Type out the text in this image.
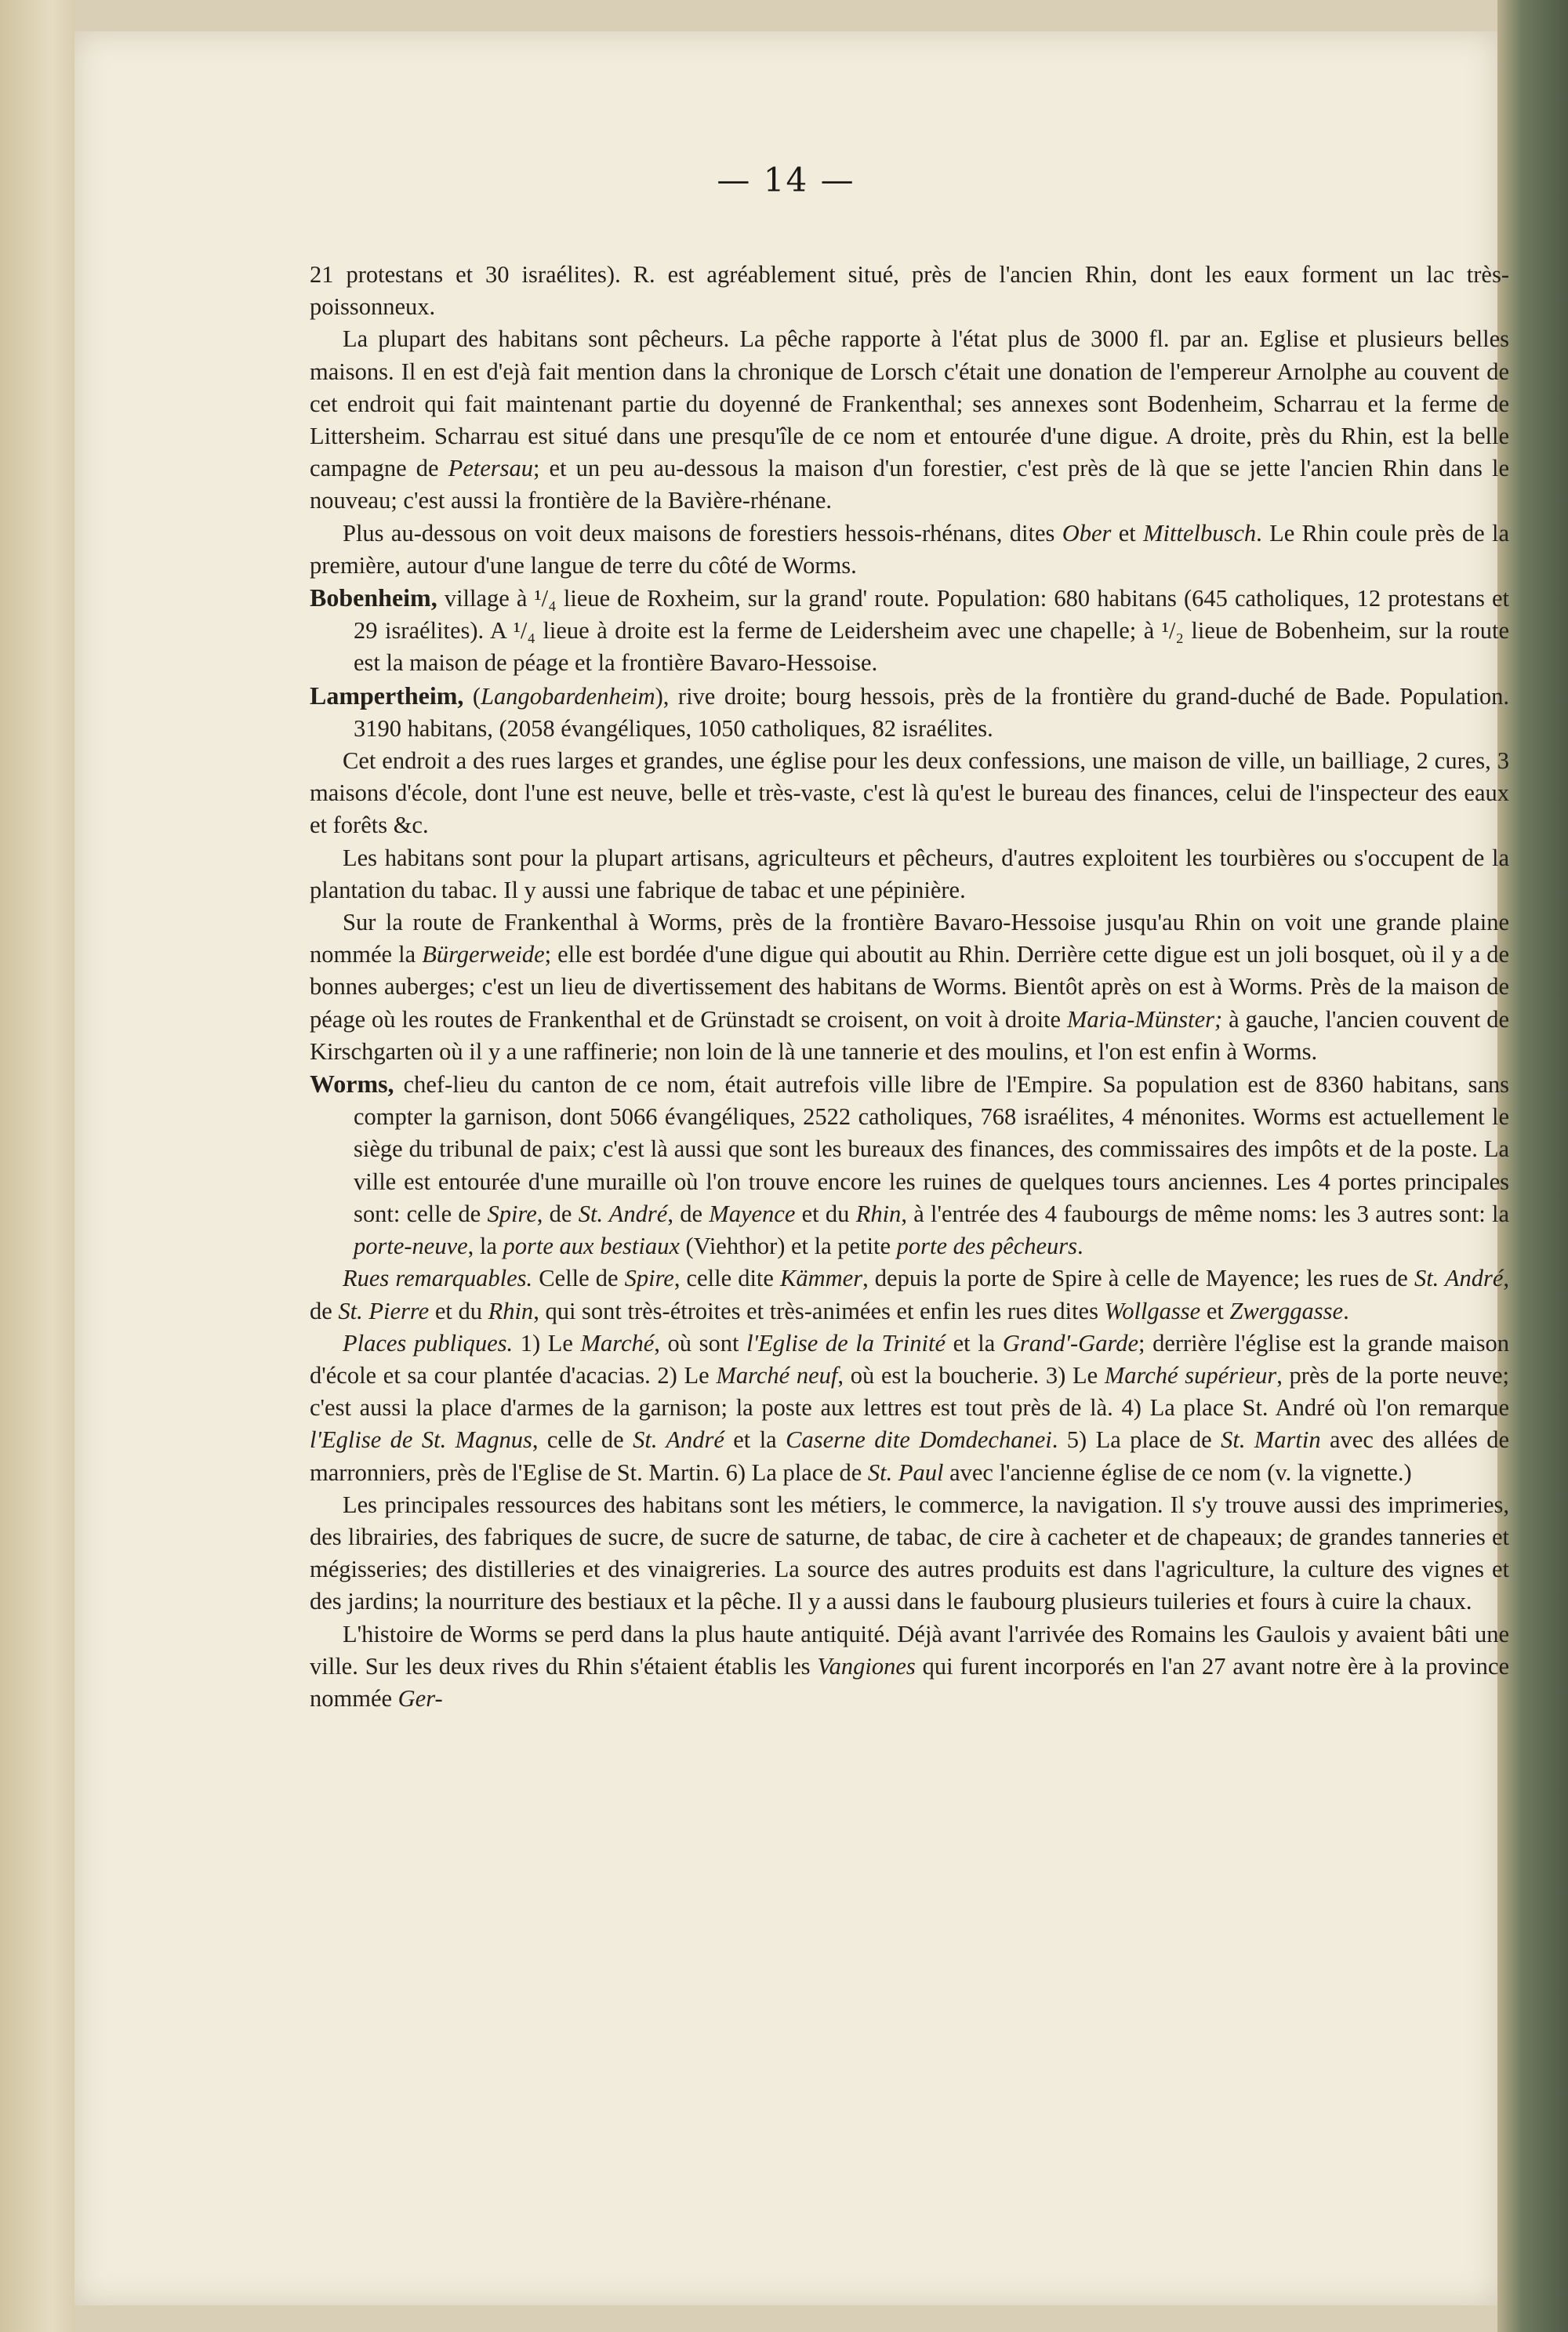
— 14 —

21 protestans et 30 israélites). R. est agréablement situé, près de l'ancien Rhin, dont les eaux forment un lac très-poissonneux.

La plupart des habitans sont pêcheurs. La pêche rapporte à l'état plus de 3000 fl. par an. Eglise et plusieurs belles maisons. Il en est d'ejà fait mention dans la chronique de Lorsch c'était une donation de l'empereur Arnolphe au couvent de cet endroit qui fait maintenant partie du doyenné de Frankenthal; ses annexes sont Bodenheim, Scharrau et la ferme de Littersheim. Scharrau est situé dans une presqu'île de ce nom et entourée d'une digue. A droite, près du Rhin, est la belle campagne de Petersau; et un peu au-dessous la maison d'un forestier, c'est près de là que se jette l'ancien Rhin dans le nouveau; c'est aussi la frontière de la Bavière-rhénane.

Plus au-dessous on voit deux maisons de forestiers hessois-rhénans, dites Ober et Mittelbusch. Le Rhin coule près de la première, autour d'une langue de terre du côté de Worms.

Bobenheim, village à ¹/₄ lieue de Roxheim, sur la grand' route. Population: 680 habitans (645 catholiques, 12 protestans et 29 israélites). A ¹/₄ lieue à droite est la ferme de Leidersheim avec une chapelle; à ¹/₂ lieue de Bobenheim, sur la route est la maison de péage et la frontière Bavaro-Hessoise.

Lampertheim, (Langobardenheim), rive droite; bourg hessois, près de la frontière du grand-duché de Bade. Population. 3190 habitans, (2058 évangéliques, 1050 catholiques, 82 israélites.

Cet endroit a des rues larges et grandes, une église pour les deux confessions, une maison de ville, un bailliage, 2 cures, 3 maisons d'école, dont l'une est neuve, belle et très-vaste, c'est là qu'est le bureau des finances, celui de l'inspecteur des eaux et forêts &c.

Les habitans sont pour la plupart artisans, agriculteurs et pêcheurs, d'autres exploitent les tourbières ou s'occupent de la plantation du tabac. Il y aussi une fabrique de tabac et une pépinière.

Sur la route de Frankenthal à Worms, près de la frontière Bavaro-Hessoise jusqu'au Rhin on voit une grande plaine nommée la Bürgerweide; elle est bordée d'une digue qui aboutit au Rhin. Derrière cette digue est un joli bosquet, où il y a de bonnes auberges; c'est un lieu de divertissement des habitans de Worms. Bientôt après on est à Worms. Près de la maison de péage où les routes de Frankenthal et de Grünstadt se croisent, on voit à droite Maria-Münster; à gauche, l'ancien couvent de Kirschgarten où il y a une raffinerie; non loin de là une tannerie et des moulins, et l'on est enfin à Worms.

Worms, chef-lieu du canton de ce nom, était autrefois ville libre de l'Empire. Sa population est de 8360 habitans, sans compter la garnison, dont 5066 évangéliques, 2522 catholiques, 768 israélites, 4 ménonites. Worms est actuellement le siège du tribunal de paix; c'est là aussi que sont les bureaux des finances, des commissaires des impôts et de la poste. La ville est entourée d'une muraille où l'on trouve encore les ruines de quelques tours anciennes. Les 4 portes principales sont: celle de Spire, de St. André, de Mayence et du Rhin, à l'entrée des 4 faubourgs de même noms: les 3 autres sont: la porte-neuve, la porte aux bestiaux (Viehthor) et la petite porte des pêcheurs.

Rues remarquables. Celle de Spire, celle dite Kämmer, depuis la porte de Spire à celle de Mayence; les rues de St. André, de St. Pierre et du Rhin, qui sont très-étroites et très-animées et enfin les rues dites Wollgasse et Zwerggasse.

Places publiques. 1) Le Marché, où sont l'Eglise de la Trinité et la Grand'-Garde; derrière l'église est la grande maison d'école et sa cour plantée d'acacias. 2) Le Marché neuf, où est la boucherie. 3) Le Marché supérieur, près de la porte neuve; c'est aussi la place d'armes de la garnison; la poste aux lettres est tout près de là. 4) La place St. André où l'on remarque l'Eglise de St. Magnus, celle de St. André et la Caserne dite Domdechanei. 5) La place de St. Martin avec des allées de marronniers, près de l'Eglise de St. Martin. 6) La place de St. Paul avec l'ancienne église de ce nom (v. la vignette.)

Les principales ressources des habitans sont les métiers, le commerce, la navigation. Il s'y trouve aussi des imprimeries, des librairies, des fabriques de sucre, de sucre de saturne, de tabac, de cire à cacheter et de chapeaux; de grandes tanneries et mégisseries; des distilleries et des vinaigreries. La source des autres produits est dans l'agriculture, la culture des vignes et des jardins; la nourriture des bestiaux et la pêche. Il y a aussi dans le faubourg plusieurs tuileries et fours à cuire la chaux.

L'histoire de Worms se perd dans la plus haute antiquité. Déjà avant l'arrivée des Romains les Gaulois y avaient bâti une ville. Sur les deux rives du Rhin s'étaient établis les Vangiones qui furent incorporés en l'an 27 avant notre ère à la province nommée Ger-
